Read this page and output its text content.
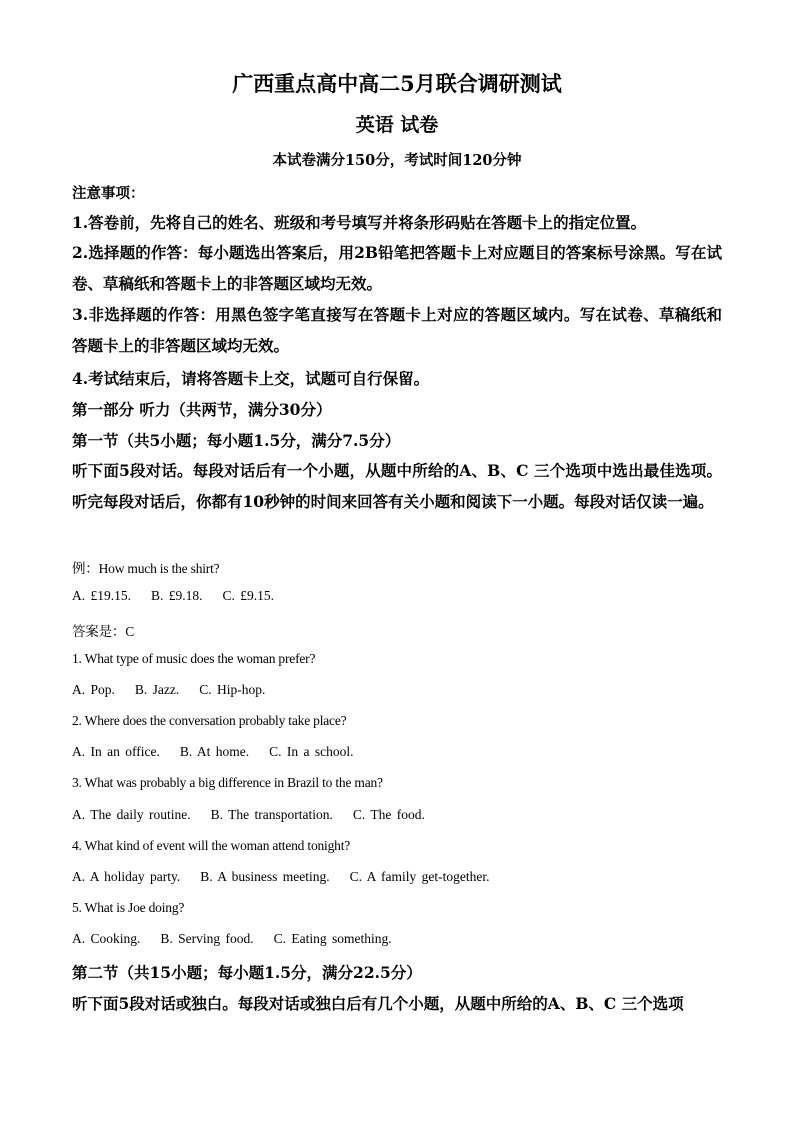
广西重点高中高二5月联合调研测试
英语 试卷
本试卷满分150分，考试时间120分钟
注意事项：
1.答卷前，先将自己的姓名、班级和考号填写并将条形码贴在答题卡上的指定位置。
2.选择题的作答：每小题选出答案后，用2B铅笔把答题卡上对应题目的答案标号涂黑。写在试卷、草稿纸和答题卡上的非答题区域均无效。
3.非选择题的作答：用黑色签字笔直接写在答题卡上对应的答题区域内。写在试卷、草稿纸和答题卡上的非答题区域均无效。
4.考试结束后，请将答题卡上交，试题可自行保留。
第一部分 听力（共两节，满分30分）
第一节（共5小题；每小题1.5分，满分7.5分）
听下面5段对话。每段对话后有一个小题，从题中所给的A、B、C 三个选项中选出最佳选项。听完每段对话后，你都有10秒钟的时间来回答有关小题和阅读下一小题。每段对话仅读一遍。
例：How much is the shirt?
A. £19.15. B. £9.18. C. £9.15.
答案是：C
1. What type of music does the woman prefer?
A. Pop. B. Jazz. C. Hip-hop.
2. Where does the conversation probably take place?
A. In an office. B. At home. C. In a school.
3. What was probably a big difference in Brazil to the man?
A. The daily routine. B. The transportation. C. The food.
4. What kind of event will the woman attend tonight?
A. A holiday party. B. A business meeting. C. A family get-together.
5. What is Joe doing?
A. Cooking. B. Serving food. C. Eating something.
第二节（共15小题；每小题1.5分，满分22.5分）
听下面5段对话或独白。每段对话或独白后有几个小题，从题中所给的A、B、C 三个选项
